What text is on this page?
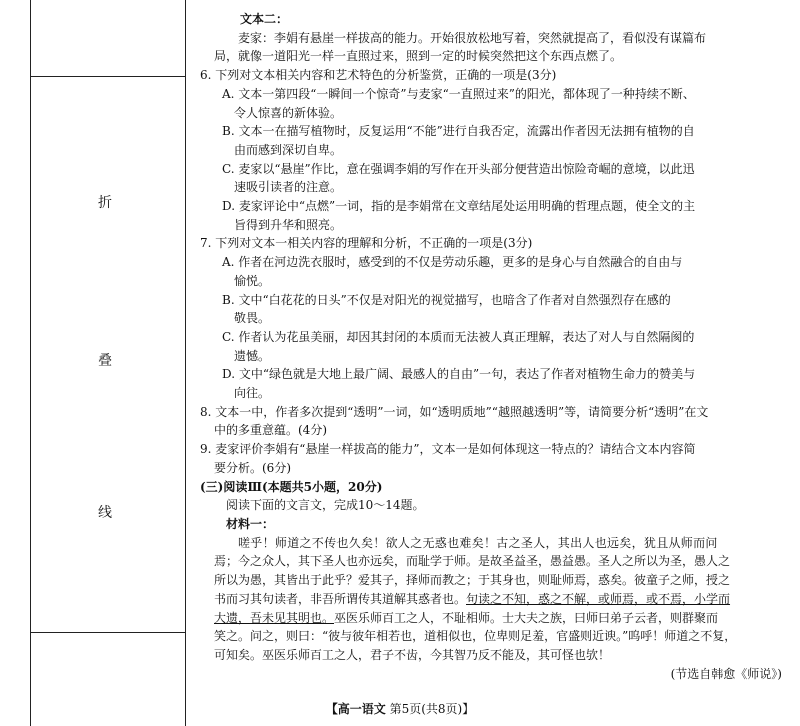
折
叠
线

文本二：

麦家：李娟有悬崖一样拔高的能力。开始很放松地写着，突然就提高了，看似没有谋篇布

局，就像一道阳光一样一直照过来，照到一定的时候突然把这个东西点燃了。

6. 下列对文本相关内容和艺术特色的分析鉴赏，正确的一项是(3分)

A. 文本一第四段“一瞬间一个惊奇”与麦家“一直照过来”的阳光，都体现了一种持续不断、

令人惊喜的新体验。

B. 文本一在描写植物时，反复运用“不能”进行自我否定，流露出作者因无法拥有植物的自

由而感到深切自卑。

C. 麦家以“悬崖”作比，意在强调李娟的写作在开头部分便营造出惊险奇崛的意境，以此迅

速吸引读者的注意。

D. 麦家评论中“点燃”一词，指的是李娟常在文章结尾处运用明确的哲理点题，使全文的主

旨得到升华和照亮。

7. 下列对文本一相关内容的理解和分析，不正确的一项是(3分)

A. 作者在河边洗衣服时，感受到的不仅是劳动乐趣，更多的是身心与自然融合的自由与

愉悦。

B. 文中“白花花的日头”不仅是对阳光的视觉描写，也暗含了作者对自然强烈存在感的

敬畏。

C. 作者认为花虽美丽，却因其封闭的本质而无法被人真正理解，表达了对人与自然隔阂的

遗憾。

D. 文中“绿色就是大地上最广阔、最感人的自由”一句，表达了作者对植物生命力的赞美与

向往。

8. 文本一中，作者多次提到“透明”一词，如“透明质地”“越照越透明”等，请简要分析“透明”在文

中的多重意蕴。(4分)

9. 麦家评价李娟有“悬崖一样拔高的能力”，文本一是如何体现这一特点的？请结合文本内容简

要分析。(6分)

(三)阅读Ⅲ(本题共5小题，20分)

阅读下面的文言文，完成10～14题。

材料一：

嗟乎！师道之不传也久矣！欲人之无惑也难矣！古之圣人，其出人也远矣，犹且从师而问

焉；今之众人，其下圣人也亦远矣，而耻学于师。是故圣益圣，愚益愚。圣人之所以为圣，愚人之

所以为愚，其皆出于此乎？爱其子，择师而教之；于其身也，则耻师焉，惑矣。彼童子之师，授之

书而习其句读者，非吾所谓传其道解其惑者也。句读之不知，惑之不解，或师焉，或不焉，小学而

大遗，吾未见其明也。巫医乐师百工之人，不耻相师。士大夫之族，曰师曰弟子云者，则群聚而

笑之。问之，则曰：“彼与彼年相若也，道相似也，位卑则足羞，官盛则近谀。”呜呼！师道之不复，

可知矣。巫医乐师百工之人，君子不齿，今其智乃反不能及，其可怪也欤！

(节选自韩愈《师说》)

【高一语文 第5页(共8页)】
